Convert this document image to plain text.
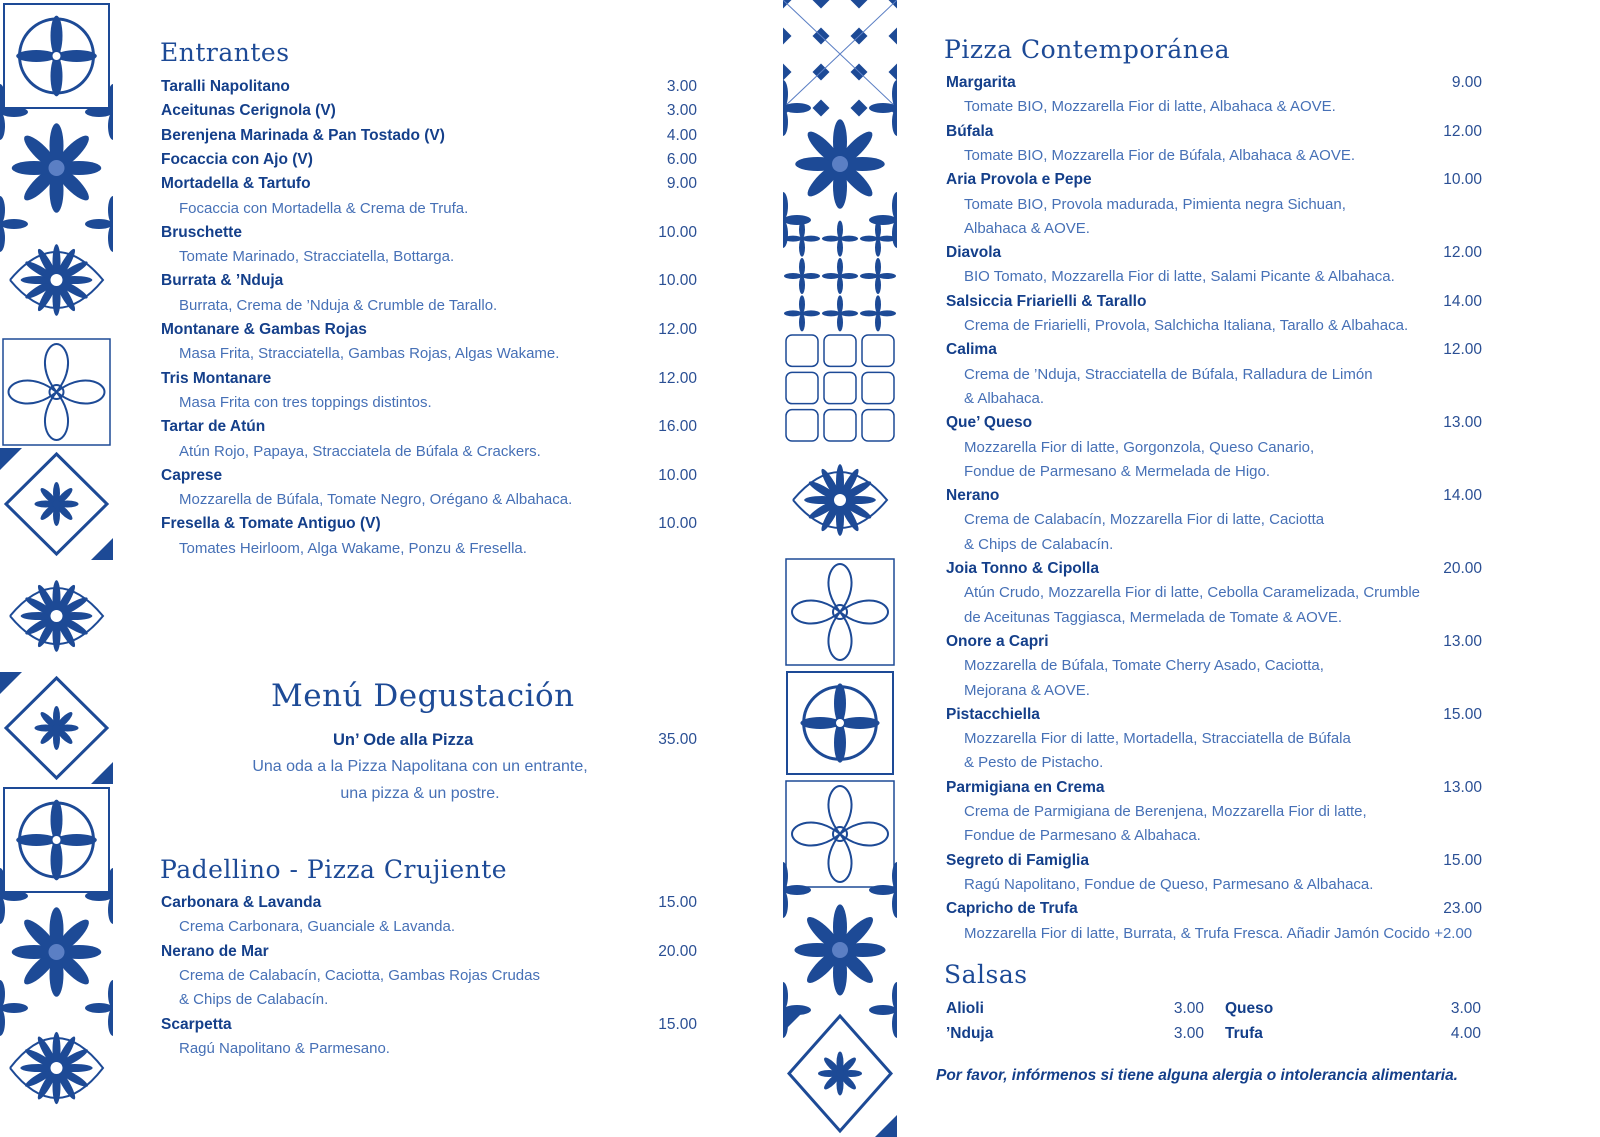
Entrantes
Taralli Napolitano	3.00
Aceitunas Cerignola (V)	3.00
Berenjena Marinada & Pan Tostado (V)	4.00
Focaccia con Ajo (V)	6.00
Mortadella & Tartufo	9.00
Focaccia con Mortadella & Crema de Trufa.
Bruschette	10.00
Tomate Marinado, Stracciatella, Bottarga.
Burrata & ’Nduja	10.00
Burrata, Crema de ’Nduja & Crumble de Tarallo.
Montanare & Gambas Rojas	12.00
Masa Frita, Stracciatella, Gambas Rojas, Algas Wakame.
Tris Montanare	12.00
Masa Frita con tres toppings distintos.
Tartar de Atún	16.00
Atún Rojo, Papaya, Stracciatela de Búfala & Crackers.
Caprese	10.00
Mozzarella de Búfala, Tomate Negro, Orégano & Albahaca.
Fresella & Tomate Antiguo (V)	10.00
Tomates Heirloom, Alga Wakame, Ponzu & Fresella.
Menú Degustación
Un’ Ode alla Pizza	35.00
Una oda a la Pizza Napolitana con un entrante,
una pizza & un postre.
Padellino - Pizza Crujiente
Carbonara & Lavanda	15.00
Crema Carbonara, Guanciale & Lavanda.
Nerano de Mar	20.00
Crema de Calabacín, Caciotta, Gambas Rojas Crudas
& Chips de Calabacín.
Scarpetta	15.00
Ragú Napolitano & Parmesano.
Pizza Contemporánea
Margarita	9.00
Tomate BIO, Mozzarella Fior di latte, Albahaca & AOVE.
Búfala	12.00
Tomate BIO, Mozzarella Fior de Búfala, Albahaca & AOVE.
Aria Provola e Pepe	10.00
Tomate BIO, Provola madurada, Pimienta negra Sichuan,
Albahaca & AOVE.
Diavola	12.00
BIO Tomato, Mozzarella Fior di latte, Salami Picante & Albahaca.
Salsiccia Friarielli & Tarallo	14.00
Crema de Friarielli, Provola, Salchicha Italiana, Tarallo & Albahaca.
Calima	12.00
Crema de ’Nduja, Stracciatella de Búfala, Ralladura de Limón
& Albahaca.
Que’ Queso	13.00
Mozzarella Fior di latte, Gorgonzola, Queso Canario,
Fondue de Parmesano & Mermelada de Higo.
Nerano	14.00
Crema de Calabacín, Mozzarella Fior di latte, Caciotta
& Chips de Calabacín.
Joia Tonno & Cipolla	20.00
Atún Crudo, Mozzarella Fior di latte, Cebolla Caramelizada, Crumble
de Aceitunas Taggiasca, Mermelada de Tomate & AOVE.
Onore a Capri	13.00
Mozzarella de Búfala, Tomate Cherry Asado, Caciotta,
Mejorana & AOVE.
Pistacchiella	15.00
Mozzarella Fior di latte, Mortadella, Stracciatella de Búfala
& Pesto de Pistacho.
Parmigiana en Crema	13.00
Crema de Parmigiana de Berenjena, Mozzarella Fior di latte,
Fondue de Parmesano & Albahaca.
Segreto di Famiglia	15.00
Ragú Napolitano, Fondue de Queso, Parmesano & Albahaca.
Capricho de Trufa	23.00
Mozzarella Fior di latte, Burrata, & Trufa Fresca. Añadir Jamón Cocido +2.00
Salsas
Alioli	3.00
’Nduja	3.00
Queso	3.00
Trufa	4.00
Por favor, infórmenos si tiene alguna alergia o intolerancia alimentaria.
